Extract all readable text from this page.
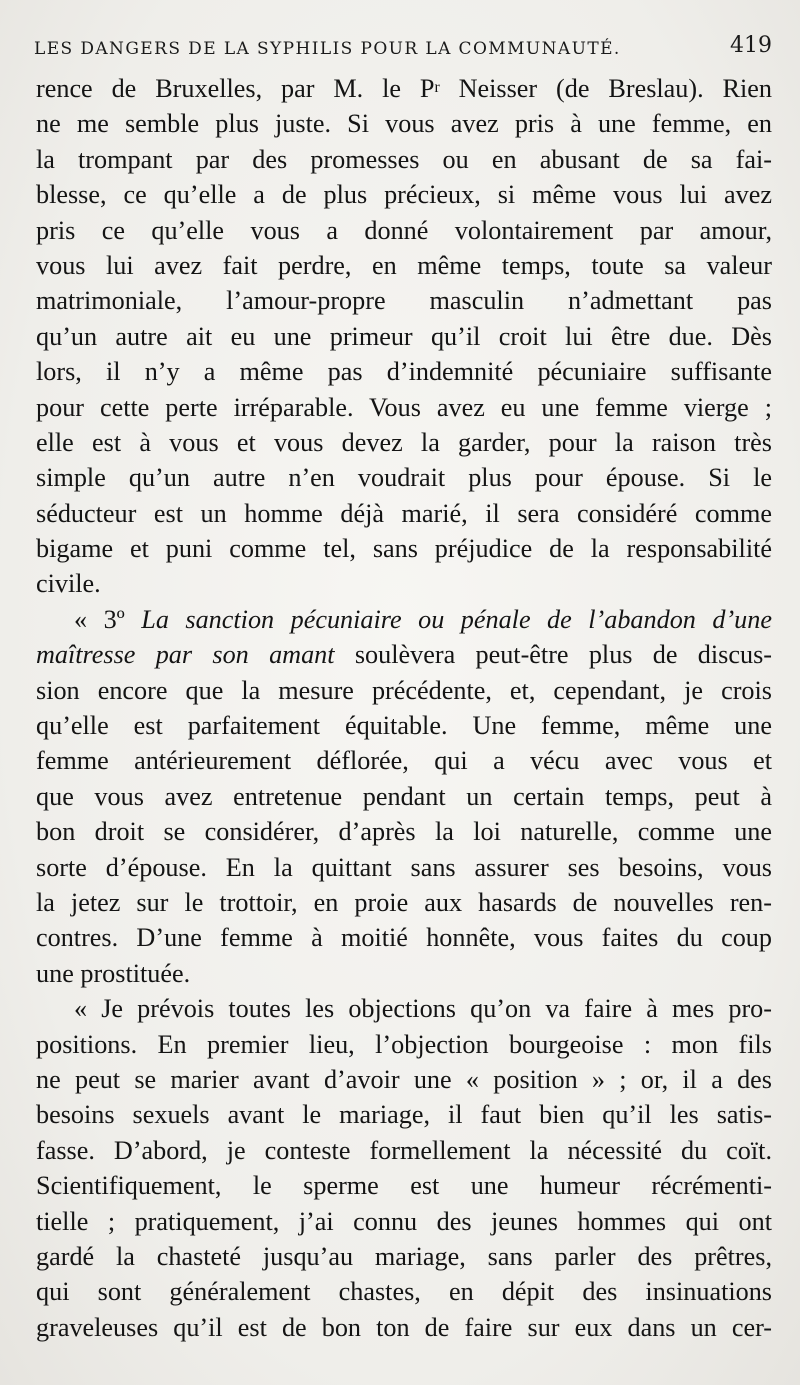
LES DANGERS DE LA SYPHILIS POUR LA COMMUNAUTÉ.	419
rence de Bruxelles, par M. le $P^r$ Neisser (de Breslau). Rien
ne me semble plus juste. Si vous avez pris à une femme, en
la trompant par des promesses ou en abusant de sa fai-
blesse, ce qu’elle a de plus précieux, si même vous lui avez
pris ce qu’elle vous a donné volontairement par amour,
vous lui avez fait perdre, en même temps, toute sa valeur
matrimoniale, l’amour-propre masculin n’admettant pas
qu’un autre ait eu une primeur qu’il croit lui être due. Dès
lors, il n’y a même pas d’indemnité pécuniaire suffisante
pour cette perte irréparable. Vous avez eu une femme vierge ;
elle est à vous et vous devez la garder, pour la raison très
simple qu’un autre n’en voudrait plus pour épouse. Si le
séducteur est un homme déjà marié, il sera considéré comme
bigame et puni comme tel, sans préjudice de la responsabilité
civile.
« 3º La sanction pécuniaire ou pénale de l’abandon d’une
maîtresse par son amant soulèvera peut-être plus de discus-
sion encore que la mesure précédente, et, cependant, je crois
qu’elle est parfaitement équitable. Une femme, même une
femme antérieurement déflorée, qui a vécu avec vous et
que vous avez entretenue pendant un certain temps, peut à
bon droit se considérer, d’après la loi naturelle, comme une
sorte d’épouse. En la quittant sans assurer ses besoins, vous
la jetez sur le trottoir, en proie aux hasards de nouvelles ren-
contres. D’une femme à moitié honnête, vous faites du coup
une prostituée.
« Je prévois toutes les objections qu’on va faire à mes pro-
positions. En premier lieu, l’objection bourgeoise : mon fils
ne peut se marier avant d’avoir une « position » ; or, il a des
besoins sexuels avant le mariage, il faut bien qu’il les satis-
fasse. D’abord, je conteste formellement la nécessité du coït.
Scientifiquement, le sperme est une humeur récrémenti-
tielle ; pratiquement, j’ai connu des jeunes hommes qui ont
gardé la chasteté jusqu’au mariage, sans parler des prêtres,
qui sont généralement chastes, en dépit des insinuations
graveleuses qu’il est de bon ton de faire sur eux dans un cer-
